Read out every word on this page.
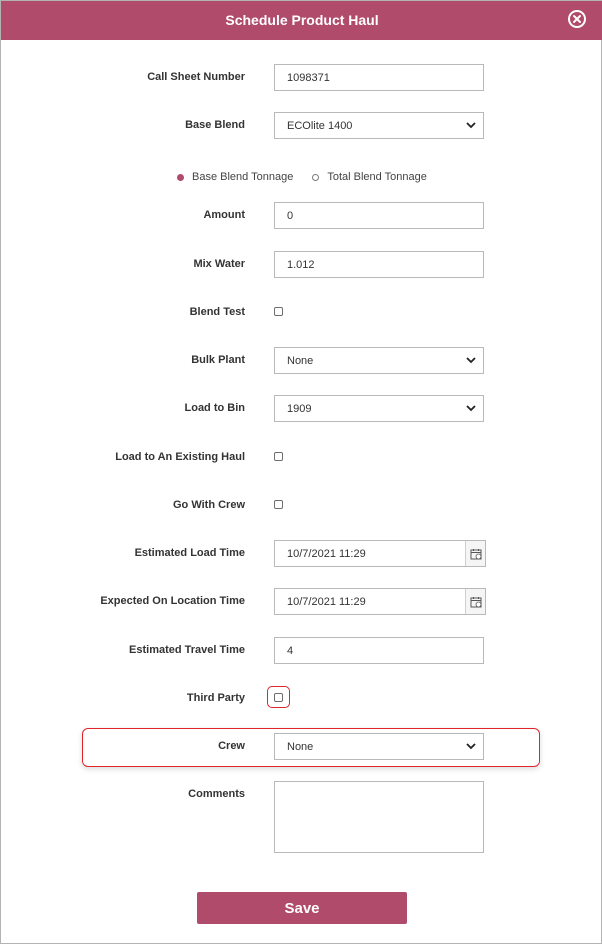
Schedule Product Haul
Call Sheet Number	1098371
Base Blend	ECOlite 1400
Base Blend Tonnage	Total Blend Tonnage
Amount	0
Mix Water	1.012
Blend Test
Bulk Plant	None
Load to Bin	1909
Load to An Existing Haul
Go With Crew
Estimated Load Time	10/7/2021 11:29
Expected On Location Time	10/7/2021 11:29
Estimated Travel Time	4
Third Party
Crew	None
Comments
Save
